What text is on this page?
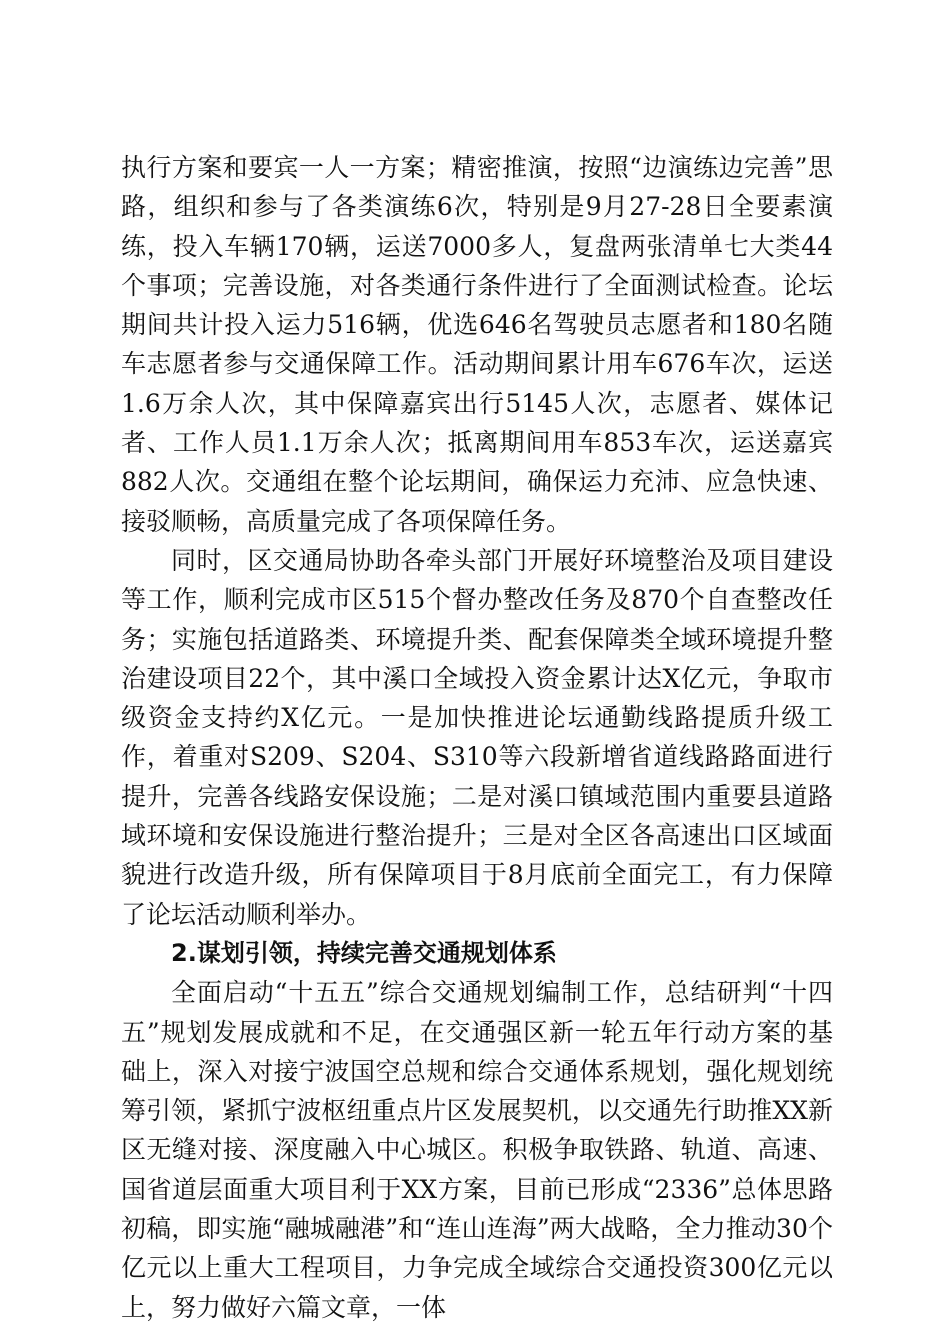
执行方案和要宾一人一方案；精密推演，按照“边演练边完善”思路，组织和参与了各类演练6次，特别是9月27-28日全要素演练，投入车辆170辆，运送7000多人，复盘两张清单七大类44个事项；完善设施，对各类通行条件进行了全面测试检查。论坛期间共计投入运力516辆，优选646名驾驶员志愿者和180名随车志愿者参与交通保障工作。活动期间累计用车676车次，运送1.6万余人次，其中保障嘉宾出行5145人次，志愿者、媒体记者、工作人员1.1万余人次；抵离期间用车853车次，运送嘉宾882人次。交通组在整个论坛期间，确保运力充沛、应急快速、接驳顺畅，高质量完成了各项保障任务。

同时，区交通局协助各牵头部门开展好环境整治及项目建设等工作，顺利完成市区515个督办整改任务及870个自查整改任务；实施包括道路类、环境提升类、配套保障类全域环境提升整治建设项目22个，其中溪口全域投入资金累计达X亿元，争取市级资金支持约X亿元。一是加快推进论坛通勤线路提质升级工作，着重对S209、S204、S310等六段新增省道线路路面进行提升，完善各线路安保设施；二是对溪口镇域范围内重要县道路域环境和安保设施进行整治提升；三是对全区各高速出口区域面貌进行改造升级，所有保障项目于8月底前全面完工，有力保障了论坛活动顺利举办。

2.谋划引领，持续完善交通规划体系

全面启动“十五五”综合交通规划编制工作，总结研判“十四五”规划发展成就和不足，在交通强区新一轮五年行动方案的基础上，深入对接宁波国空总规和综合交通体系规划，强化规划统筹引领，紧抓宁波枢纽重点片区发展契机，以交通先行助推XX新区无缝对接、深度融入中心城区。积极争取铁路、轨道、高速、国省道层面重大项目利于XX方案，目前已形成“2336”总体思路初稿，即实施“融城融港”和“连山连海”两大战略，全力推动30个亿元以上重大工程项目，力争完成全域综合交通投资300亿元以上，努力做好六篇文章，一体
